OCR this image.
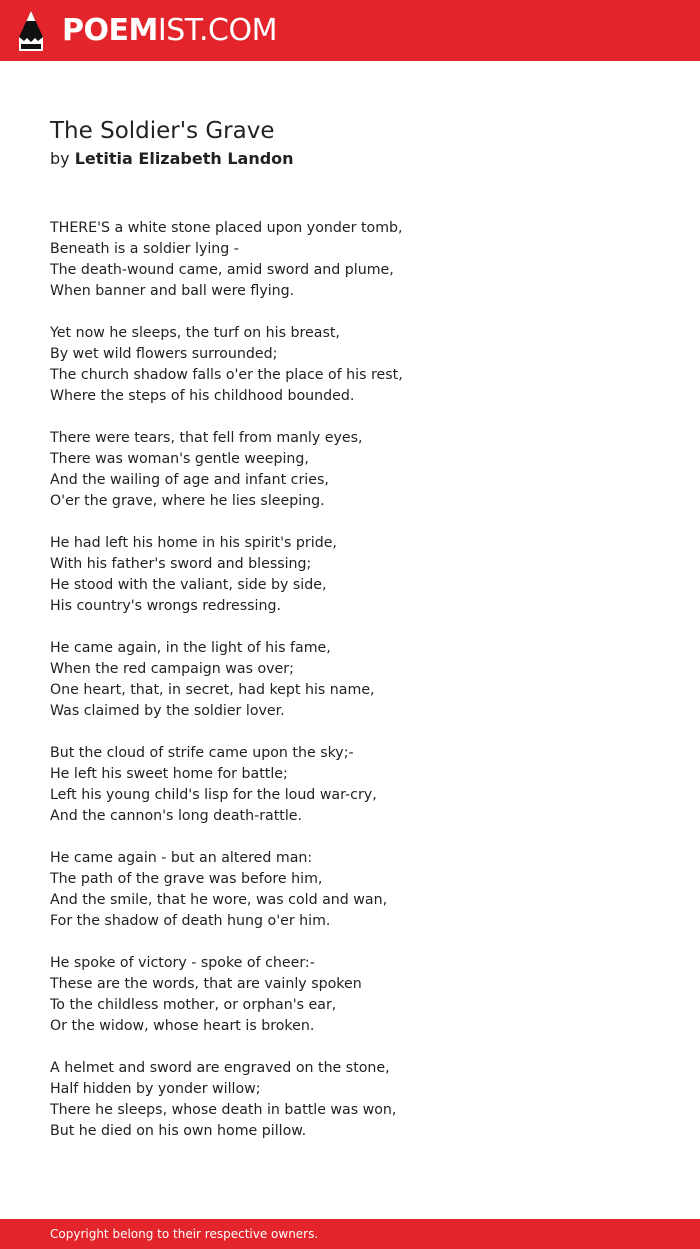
POEMIST.COM
The Soldier's Grave
by Letitia Elizabeth Landon
THERE'S a white stone placed upon yonder tomb,
Beneath is a soldier lying -
The death-wound came, amid sword and plume,
When banner and ball were flying.
Yet now he sleeps, the turf on his breast,
By wet wild flowers surrounded;
The church shadow falls o'er the place of his rest,
Where the steps of his childhood bounded.
There were tears, that fell from manly eyes,
There was woman's gentle weeping,
And the wailing of age and infant cries,
O'er the grave, where he lies sleeping.
He had left his home in his spirit's pride,
With his father's sword and blessing;
He stood with the valiant, side by side,
His country's wrongs redressing.
He came again, in the light of his fame,
When the red campaign was over;
One heart, that, in secret, had kept his name,
Was claimed by the soldier lover.
But the cloud of strife came upon the sky;-
He left his sweet home for battle;
Left his young child's lisp for the loud war-cry,
And the cannon's long death-rattle.
He came again - but an altered man:
The path of the grave was before him,
And the smile, that he wore, was cold and wan,
For the shadow of death hung o'er him.
He spoke of victory - spoke of cheer:-
These are the words, that are vainly spoken
To the childless mother, or orphan's ear,
Or the widow, whose heart is broken.
A helmet and sword are engraved on the stone,
Half hidden by yonder willow;
There he sleeps, whose death in battle was won,
But he died on his own home pillow.
Copyright belong to their respective owners.
